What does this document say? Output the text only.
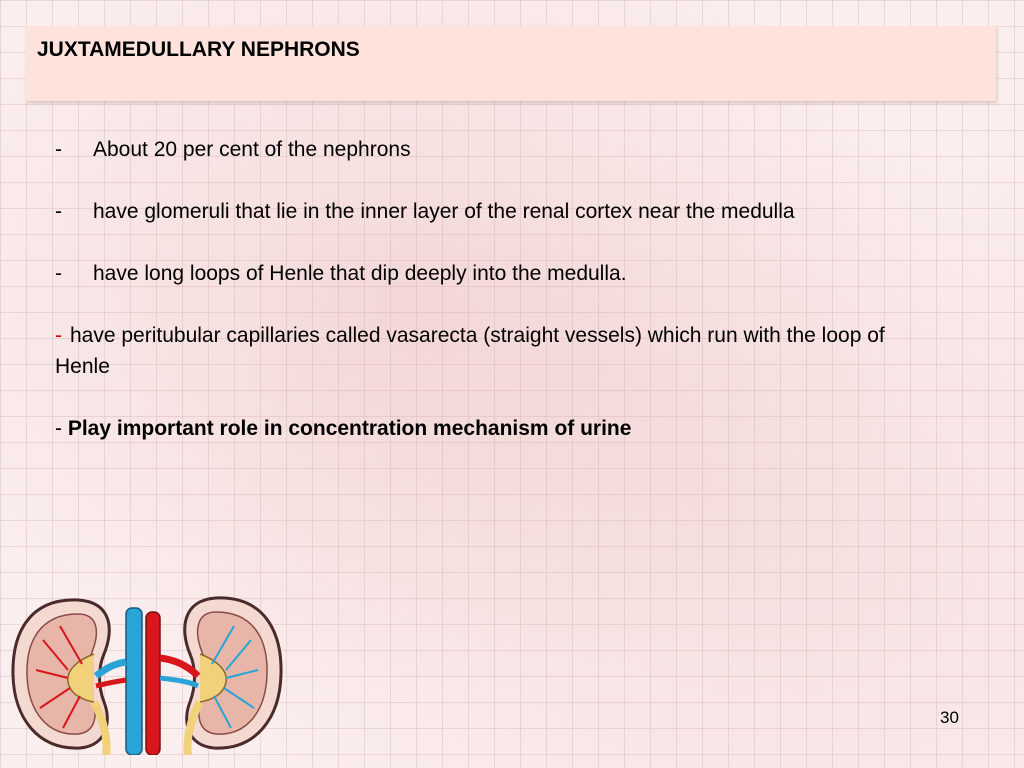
JUXTAMEDULLARY NEPHRONS
- About 20 per cent of the nephrons
- have glomeruli that lie in the inner layer of the renal cortex near the medulla
- have long loops of Henle that dip deeply into the medulla.
- have peritubular capillaries called vasarecta (straight vessels) which run with the loop of Henle
- Play important role in concentration mechanism of urine
30
